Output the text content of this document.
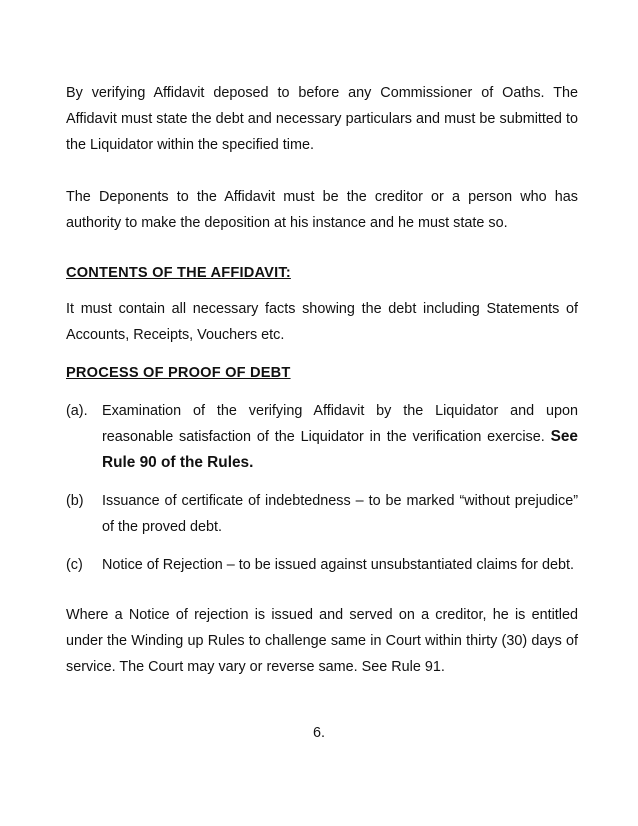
By verifying Affidavit deposed to before any Commissioner of Oaths. The Affidavit must state the debt and necessary particulars and must be submitted to the Liquidator within the specified time.

The Deponents to the Affidavit must be the creditor or a person who has authority to make the deposition at his instance and he must state so.

CONTENTS OF THE AFFIDAVIT:

It must contain all necessary facts showing the debt including Statements of Accounts, Receipts, Vouchers etc.

PROCESS OF PROOF OF DEBT
(a).	Examination of the verifying Affidavit by the Liquidator and upon reasonable satisfaction of the Liquidator in the verification exercise. See Rule 90 of the Rules.
(b)	Issuance of certificate of indebtedness – to be marked “without prejudice” of the proved debt.
(c)	Notice of Rejection – to be issued against unsubstantiated claims for debt.

Where a Notice of rejection is issued and served on a creditor, he is entitled under the Winding up Rules to challenge same in Court within thirty (30) days of service. The Court may vary or reverse same. See Rule 91.

6.
